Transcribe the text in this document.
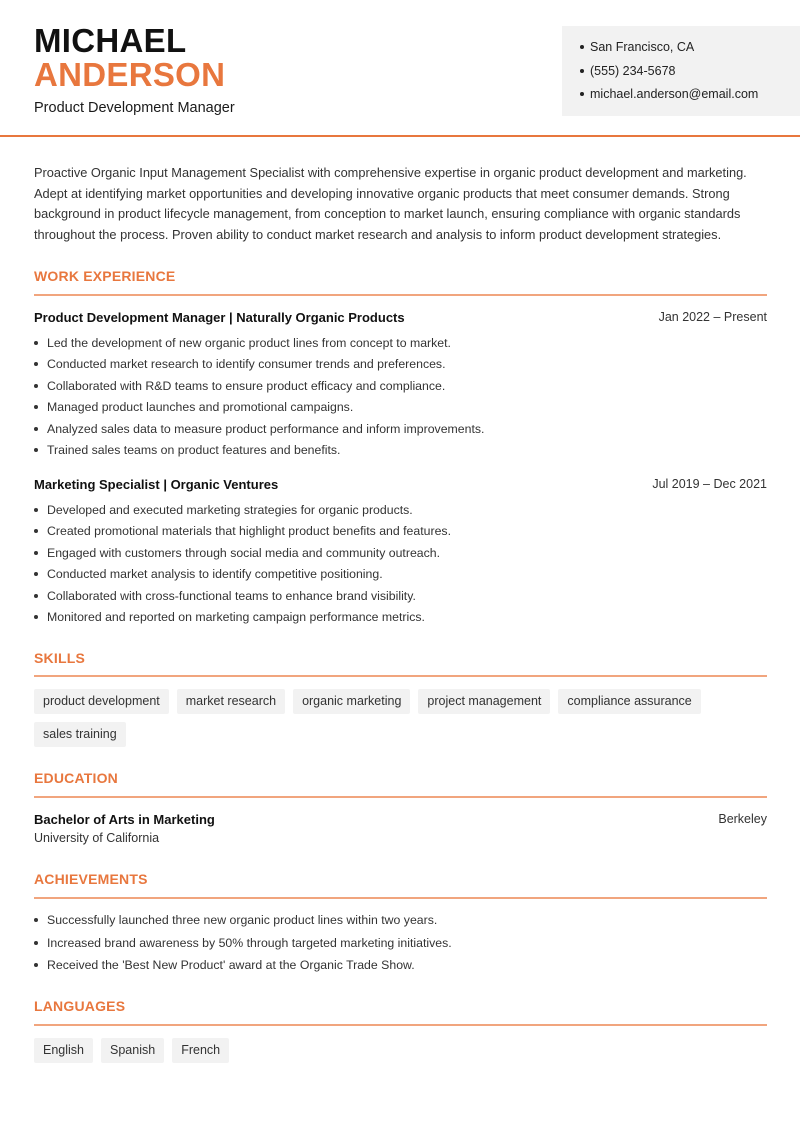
MICHAEL
ANDERSON
Product Development Manager
San Francisco, CA
(555) 234-5678
michael.anderson@email.com

Proactive Organic Input Management Specialist with comprehensive expertise in organic product development and marketing. Adept at identifying market opportunities and developing innovative organic products that meet consumer demands. Strong background in product lifecycle management, from conception to market launch, ensuring compliance with organic standards throughout the process. Proven ability to conduct market research and analysis to inform product development strategies.

WORK EXPERIENCE
Product Development Manager | Naturally Organic Products	Jan 2022 – Present
Led the development of new organic product lines from concept to market.
Conducted market research to identify consumer trends and preferences.
Collaborated with R&D teams to ensure product efficacy and compliance.
Managed product launches and promotional campaigns.
Analyzed sales data to measure product performance and inform improvements.
Trained sales teams on product features and benefits.
Marketing Specialist | Organic Ventures	Jul 2019 – Dec 2021
Developed and executed marketing strategies for organic products.
Created promotional materials that highlight product benefits and features.
Engaged with customers through social media and community outreach.
Conducted market analysis to identify competitive positioning.
Collaborated with cross-functional teams to enhance brand visibility.
Monitored and reported on marketing campaign performance metrics.
SKILLS
product development	market research	organic marketing	project management	compliance assurance
sales training
EDUCATION
Bachelor of Arts in Marketing	Berkeley
University of California
ACHIEVEMENTS
Successfully launched three new organic product lines within two years.
Increased brand awareness by 50% through targeted marketing initiatives.
Received the 'Best New Product' award at the Organic Trade Show.
LANGUAGES
English	Spanish	French
